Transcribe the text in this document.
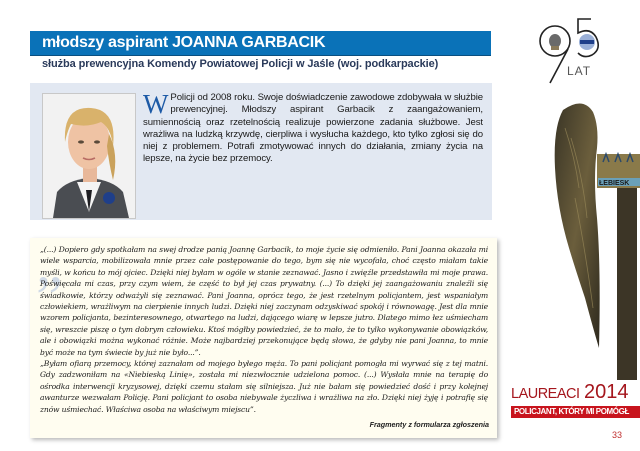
młodszy aspirant JOANNA GARBACIK
służba prewencyjna Komendy Powiatowej Policji w Jaśle (woj. podkarpackie)
W Policji od 2008 roku. Swoje doświadczenie zawodowe zdobywała w służbie prewencyjnej. Młodszy aspirant Garbacik z zaangażowaniem, sumiennością oraz rzetelnością realizuje powierzone zadania służbowe. Jest wrażliwa na ludzką krzywdę, cierpliwa i wysłucha każdego, kto tylko zgłosi się do niej z problemem. Potrafi zmotywować innych do działania, zmiany życia na lepsze, na życie bez przemocy.
„
„(...) Dopiero gdy spotkałam na swej drodze panią Joannę Garbacik, to moje życie się odmieniło. Pani Joanna okazała mi wiele wsparcia, mobilizowała mnie przez całe postępowanie do tego, bym się nie wycofała, choć często miałam takie myśli, w końcu to mój ojciec. Dzięki niej byłam w ogóle w stanie zeznawać. Jasno i zwięźle przedstawiła mi moje prawa. Poświęcała mi czas, przy czym wiem, że część to był jej czas prywatny. (...) To dzięki jej zaangażowaniu znaleźli się świadkowie, którzy odważyli się zeznawać. Pani Joanna, oprócz tego, że jest rzetelnym policjantem, jest wspaniałym człowiekiem, wrażliwym na cierpienie innych ludzi. Dzięki niej zaczynam odzyskiwać spokój i równowagę. Jest dla mnie wzorem policjanta, bezinteresownego, otwartego na ludzi, dającego wiarę w lepsze jutro. Dlatego mimo łez uśmiecham się, wreszcie piszę o tym dobrym człowieku. Ktoś mógłby powiedzieć, że to mało, że to tylko wykonywanie obowiązków, ale i obowiązki można wykonać różnie. Może najbardziej przekonujące będą słowa, że gdyby nie pani Joanna, to mnie być może na tym świecie by już nie było...”.
„Byłam ofiarą przemocy, której zaznałam od mojego byłego męża. To pani policjant pomogła mi wyrwać się z tej matni. Gdy zadzwoniłam na «Niebieską Linię», została mi niezwłocznie udzielona pomoc. (...) Wysłała mnie na terapię do ośrodka interwencji kryzysowej, dzięki czemu stałam się silniejsza. Już nie bałam się powiedzieć dość i przy kolejnej awanturze wezwałam Policję. Pani policjant to osoba niebywale życzliwa i wrażliwa na zło. Dzięki niej żyję i potrafię się znów uśmiechać. Właściwa osoba na właściwym miejscu”.
Fragmenty z formularza zgłoszenia
LAT
ŁEBIESK
LAUREACI 2014
POLICJANT, KTÓRY MI POMÓGŁ
33
